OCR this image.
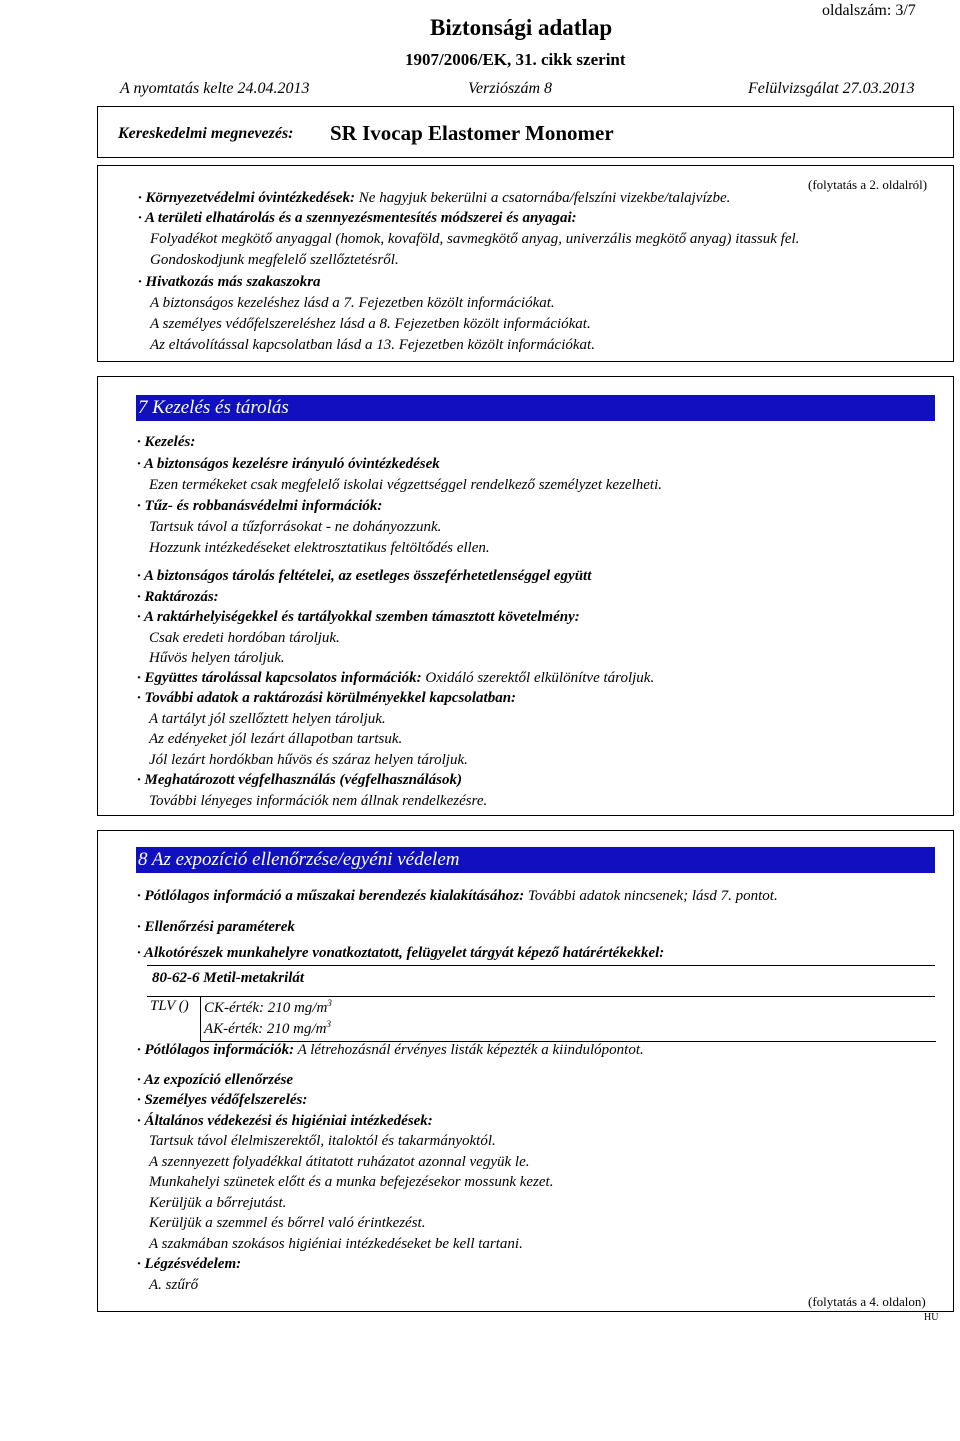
Biztonsági adatlap
oldalszám: 3/7
1907/2006/EK, 31. cikk szerint
A nyomtatás kelte 24.04.2013	Verziószám 8	Felülvizsgálat 27.03.2013
Kereskedelmi megnevezés: SR Ivocap Elastomer Monomer
(folytatás a 2. oldalról)
· Környezetvédelmi óvintézkedések: Ne hagyjuk bekerülni a csatornába/felszíni vizekbe/talajvízbe.
· A területi elhatárolás és a szennyezésmentesítés módszerei és anyagai:
Folyadékot megkötő anyaggal (homok, kovaföld, savmegkötő anyag, univerzális megkötő anyag) itassuk fel.
Gondoskodjunk megfelelő szellőztetésről.
· Hivatkozás más szakaszokra
A biztonságos kezeléshez lásd a 7. Fejezetben közölt információkat.
A személyes védőfelszereléshez lásd a 8. Fejezetben közölt információkat.
Az eltávolítással kapcsolatban lásd a 13. Fejezetben közölt információkat.
7 Kezelés és tárolás
· Kezelés:
· A biztonságos kezelésre irányuló óvintézkedések
Ezen termékeket csak megfelelő iskolai végzettséggel rendelkező személyzet kezelheti.
· Tűz- és robbanásvédelmi információk:
Tartsuk távol a tűzforrásokat - ne dohányozzunk.
Hozzunk intézkedéseket elektrosztatikus feltöltődés ellen.
· A biztonságos tárolás feltételei, az esetleges összeférhetetlenséggel együtt
· Raktározás:
· A raktárhelyiségekkel és tartályokkal szemben támasztott követelmény:
Csak eredeti hordóban tároljuk.
Hűvös helyen tároljuk.
· Együttes tárolással kapcsolatos információk: Oxidáló szerektől elkülönítve tároljuk.
· További adatok a raktározási körülményekkel kapcsolatban:
A tartályt jól szellőztett helyen tároljuk.
Az edényeket jól lezárt állapotban tartsuk.
Jól lezárt hordókban hűvös és száraz helyen tároljuk.
· Meghatározott végfelhasználás (végfelhasználások)
További lényeges információk nem állnak rendelkezésre.
8 Az expozíció ellenőrzése/egyéni védelem
· Pótlólagos információ a műszakai berendezés kialakításához: További adatok nincsenek; lásd 7. pontot.
· Ellenőrzési paraméterek
· Alkotórészek munkahelyre vonatkoztatott, felügyelet tárgyát képező határértékekkel:
80-62-6 Metil-metakrilát
TLV () CK-érték: 210 $mg/m^3$
AK-érték: 210 $mg/m^3$
· Pótlólagos információk: A létrehozásnál érvényes listák képezték a kiindulópontot.
· Az expozíció ellenőrzése
· Személyes védőfelszerelés:
· Általános védekezési és higiéniai intézkedések:
Tartsuk távol élelmiszerektől, italoktól és takarmányoktól.
A szennyezett folyadékkal átitatott ruházatot azonnal vegyük le.
Munkahelyi szünetek előtt és a munka befejezésekor mossunk kezet.
Kerüljük a bőrrejutást.
Kerüljük a szemmel és bőrrel való érintkezést.
A szakmában szokásos higiéniai intézkedéseket be kell tartani.
· Légzésvédelem:
A. szűrő
(folytatás a 4. oldalon)
HU
